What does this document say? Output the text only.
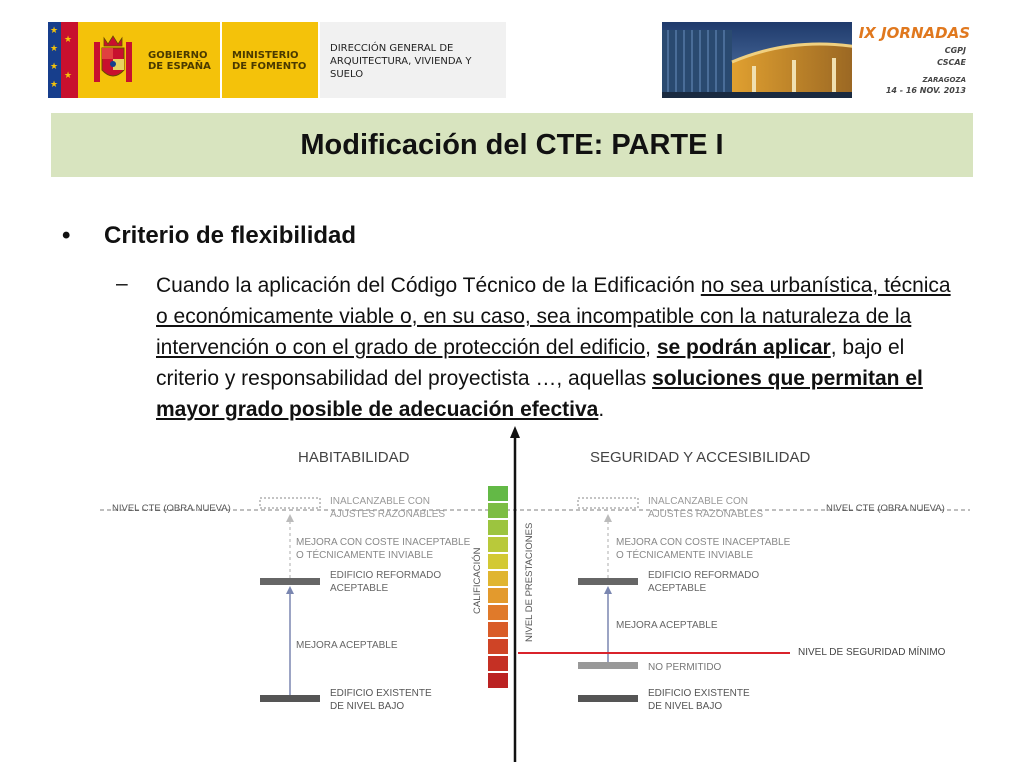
★
★
★
★
★
★
GOBIERNO
DE ESPAÑA
MINISTERIO
DE FOMENTO
DIRECCIÓN GENERAL DE
ARQUITECTURA, VIVIENDA Y
SUELO
IX JORNADAS
CGPJ
CSCAE
ZARAGOZA
14 - 16 NOV. 2013
Modificación del CTE: PARTE I
• Criterio de flexibilidad
– Cuando la aplicación del Código Técnico de la Edificación no sea urbanística, técnica o económicamente viable o, en su caso, sea incompatible con la naturaleza de la intervención o con el grado de protección del edificio, se podrán aplicar, bajo el criterio y responsabilidad del proyectista …, aquellas soluciones que permitan el mayor grado posible de adecuación efectiva.
HABITABILIDAD	SEGURIDAD Y ACCESIBILIDAD
NIVEL CTE (OBRA NUEVA)	NIVEL CTE (OBRA NUEVA)
INALCANZABLE CON
AJUSTES RAZONABLES
MEJORA CON COSTE INACEPTABLE
O TÉCNICAMENTE INVIABLE
EDIFICIO REFORMADO
ACEPTABLE
MEJORA ACEPTABLE
EDIFICIO EXISTENTE
DE NIVEL BAJO
CALIFICACIÓN	NIVEL DE PRESTACIONES
NIVEL DE SEGURIDAD MÍNIMO
INALCANZABLE CON
AJUSTES RAZONABLES
MEJORA CON COSTE INACEPTABLE
O TÉCNICAMENTE INVIABLE
EDIFICIO REFORMADO
ACEPTABLE
MEJORA ACEPTABLE
NO PERMITIDO
EDIFICIO EXISTENTE
DE NIVEL BAJO
